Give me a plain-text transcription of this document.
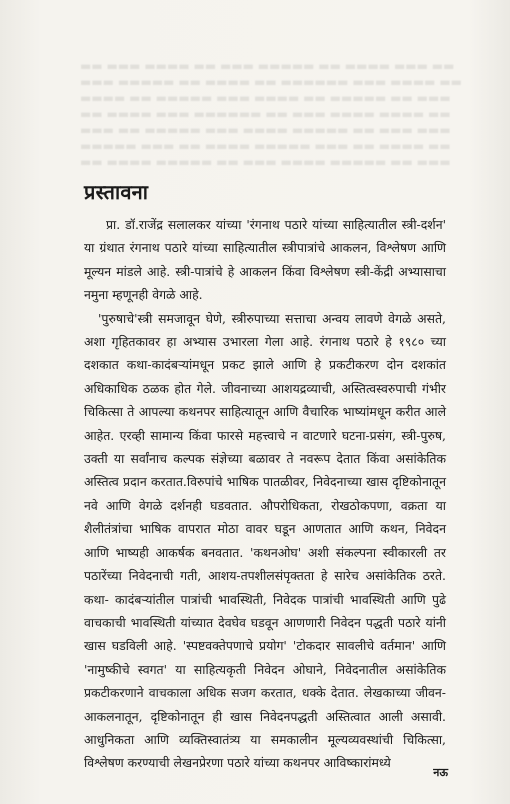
▬▬ ▬▬▬ ▬▬▬▬ ▬▬ ▬▬▬ ▬▬▬▬▬ ▬▬ ▬▬▬▬ ▬▬▬ ▬▬
▬▬▬ ▬▬▬▬▬ ▬▬ ▬▬▬▬ ▬▬ ▬▬▬▬▬▬ ▬▬▬ ▬▬▬▬ ▬▬
▬▬▬▬ ▬▬ ▬▬▬▬▬ ▬▬▬ ▬▬▬▬ ▬▬ ▬▬▬▬▬ ▬▬ ▬▬▬
▬▬ ▬▬▬▬ ▬▬▬ ▬▬▬▬▬▬ ▬▬ ▬▬▬ ▬▬▬▬ ▬▬▬▬ ▬▬
▬▬▬ ▬▬ ▬▬▬▬▬ ▬▬▬ ▬▬▬▬ ▬▬▬▬▬ ▬▬ ▬▬▬ ▬▬▬
▬▬▬▬▬ ▬▬▬ ▬▬ ▬▬▬▬ ▬▬▬▬▬ ▬▬▬ ▬▬ ▬▬▬▬ ▬▬
▬▬ ▬▬▬▬ ▬▬▬▬▬ ▬▬ ▬▬▬ ▬▬▬▬ ▬▬▬▬▬ ▬▬ ▬▬▬
प्रस्तावना

प्रा. डॉ.राजेंद्र सलालकर यांच्या 'रंगनाथ पठारे यांच्या साहित्यातील स्त्री-दर्शन' या ग्रंथात रंगनाथ पठारे यांच्या साहित्यातील स्त्रीपात्रांचे आकलन, विश्लेषण आणि मूल्यन मांडले आहे. स्त्री-पात्रांचे हे आकलन किंवा विश्लेषण स्त्री-केंद्री अभ्यासाचा नमुना म्हणूनही वेगळे आहे.

'पुरुषाचे'स्त्री समजावून घेणे, स्त्रीरुपाच्या सत्ताचा अन्वय लावणे वेगळे असते, अशा गृहितकावर हा अभ्यास उभारला गेला आहे. रंगनाथ पठारे हे १९८० च्या दशकात कथा-कादंबऱ्यांमधून प्रकट झाले आणि हे प्रकटीकरण दोन दशकांत अधिकाधिक ठळक होत गेले. जीवनाच्या आशयद्रव्याची, अस्तित्वस्वरुपाची गंभीर चिकित्सा ते आपल्या कथनपर साहित्यातून आणि वैचारिक भाष्यांमधून करीत आले आहेत. एरव्ही सामान्य किंवा फारसे महत्त्वाचे न वाटणारे घटना-प्रसंग, स्त्री-पुरुष, उक्ती या सर्वांनाच कल्पक संज्ञेच्या बळावर ते नवरूप देतात किंवा असांकेतिक अस्तित्व प्रदान करतात.विरुपांचे भाषिक पातळीवर, निवेदनाच्या खास दृष्टिकोनातून नवे आणि वेगळे दर्शनही घडवतात. औपरोधिकता, रोखठोकपणा, वक्रता या शैलीतंत्रांचा भाषिक वापरात मोठा वावर घडून आणतात आणि कथन, निवेदन आणि भाष्यही आकर्षक बनवतात. 'कथनओघ' अशी संकल्पना स्वीकारली तर पठारेंच्या निवेदनाची गती, आशय-तपशीलसंपृक्तता हे सारेच असांकेतिक ठरते. कथा- कादंबऱ्यांतील पात्रांची भावस्थिती, निवेदक पात्रांची भावस्थिती आणि पुढे वाचकाची भावस्थिती यांच्यात देवघेव घडवून आणणारी निवेदन पद्धती पठारे यांनी खास घडविली आहे. 'स्पष्टवक्तेपणाचे प्रयोग' 'टोकदार सावलीचे वर्तमान' आणि 'नामुष्कीचे स्वगत' या साहित्यकृती निवेदन ओघाने, निवेदनातील असांकेतिक प्रकटीकरणाने वाचकाला अधिक सजग करतात, धक्के देतात. लेखकाच्या जीवन-आकलनातून, दृष्टिकोनातून ही खास निवेदनपद्धती अस्तित्वात आली असावी. आधुनिकता आणि व्यक्तिस्वातंत्र्य या समकालीन मूल्यव्यवस्थांची चिकित्सा, विश्लेषण करण्याची लेखनप्रेरणा पठारे यांच्या कथनपर आविष्कारांमध्ये

नऊ
